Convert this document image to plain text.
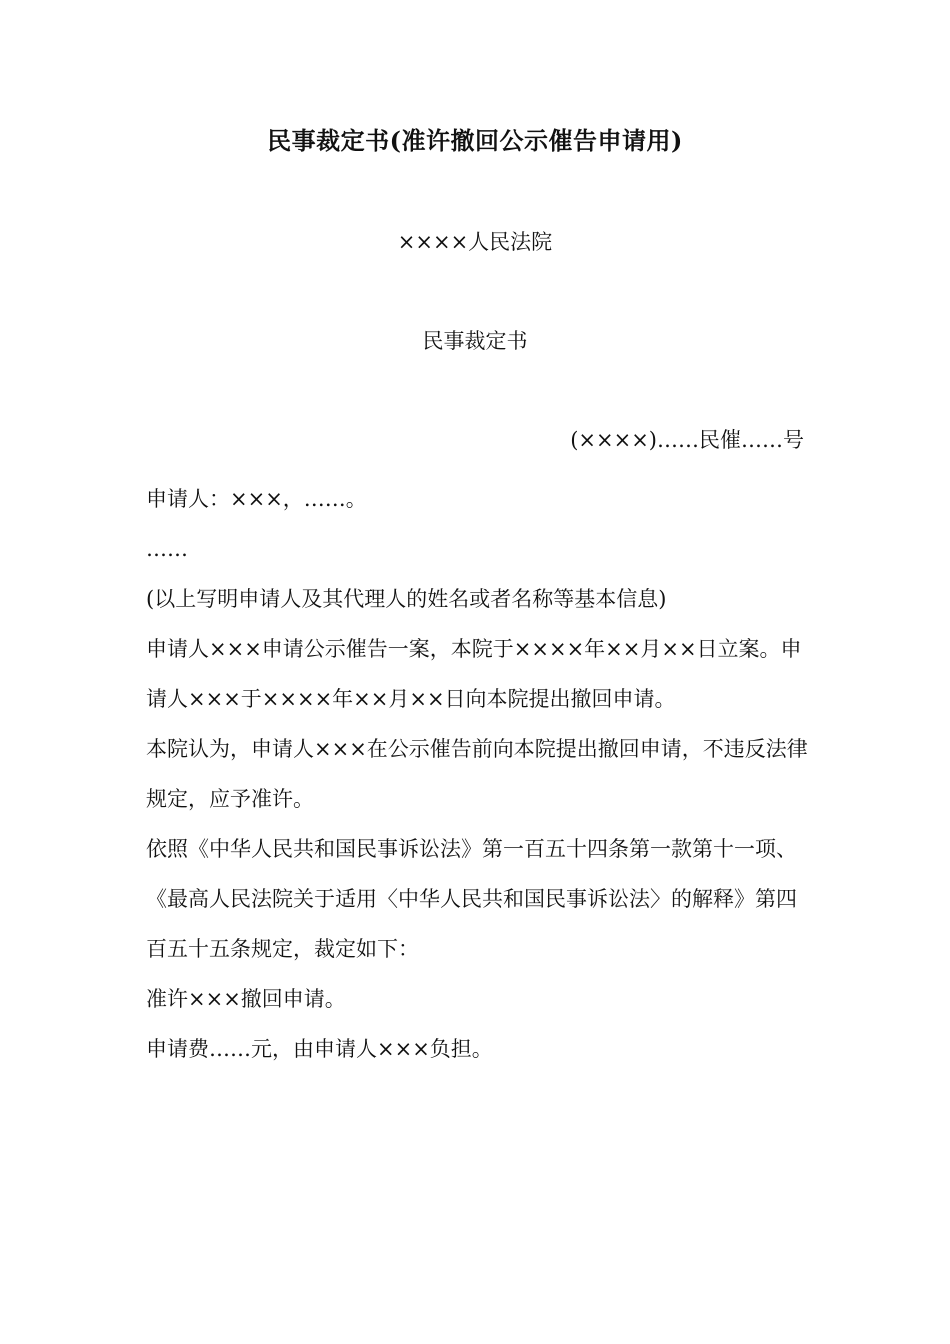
民事裁定书(准许撤回公示催告申请用)
××××人民法院
民事裁定书
(××××)……民催……号

申请人：×××，……。

……

(以上写明申请人及其代理人的姓名或者名称等基本信息)

申请人×××申请公示催告一案，本院于××××年××月××日立案。申请人×××于××××年××月××日向本院提出撤回申请。

本院认为，申请人×××在公示催告前向本院提出撤回申请，不违反法律规定，应予准许。

依照《中华人民共和国民事诉讼法》第一百五十四条第一款第十一项、《最高人民法院关于适用〈中华人民共和国民事诉讼法〉的解释》第四百五十五条规定，裁定如下：

准许×××撤回申请。

申请费……元，由申请人×××负担。
